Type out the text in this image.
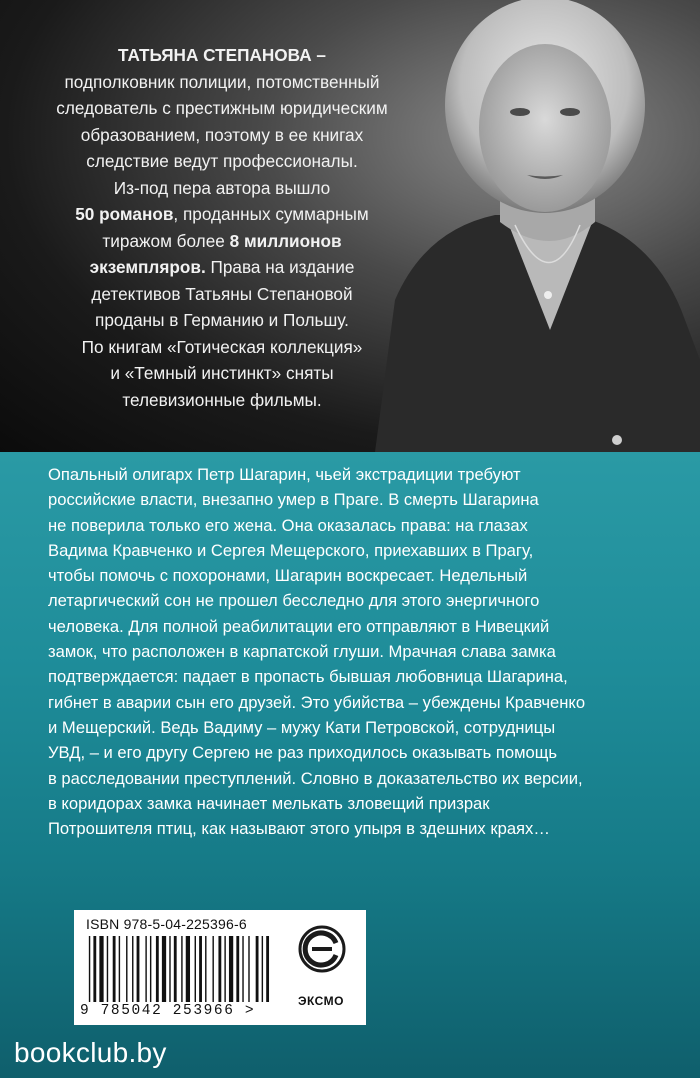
ТАТЬЯНА СТЕПАНОВА –
подполковник полиции, потомственный
следователь с престижным юридическим
образованием, поэтому в ее книгах
следствие ведут профессионалы.
Из-под пера автора вышло
50 романов, проданных суммарным
тиражом более 8 миллионов
экземпляров. Права на издание
детективов Татьяны Степановой
проданы в Германию и Польшу.
По книгам «Готическая коллекция»
и «Темный инстинкт» сняты
телевизионные фильмы.

Опальный олигарх Петр Шагарин, чьей экстрадиции требуют
российские власти, внезапно умер в Праге. В смерть Шагарина
не поверила только его жена. Она оказалась права: на глазах
Вадима Кравченко и Сергея Мещерского, приехавших в Прагу,
чтобы помочь с похоронами, Шагарин воскресает. Недельный
летаргический сон не прошел бесследно для этого энергичного
человека. Для полной реабилитации его отправляют в Нивецкий
замок, что расположен в карпатской глуши. Мрачная слава замка
подтверждается: падает в пропасть бывшая любовница Шагарина,
гибнет в аварии сын его друзей. Это убийства – убеждены Кравченко
и Мещерский. Ведь Вадиму – мужу Кати Петровской, сотрудницы
УВД, – и его другу Сергею не раз приходилось оказывать помощь
в расследовании преступлений. Словно в доказательство их версии,
в коридорах замка начинает мелькать зловещий призрак
Потрошителя птиц, как называют этого упыря в здешних краях…

ISBN 978-5-04-225396-6
9 785042 253966 >
ЭКСМО
bookclub.by
